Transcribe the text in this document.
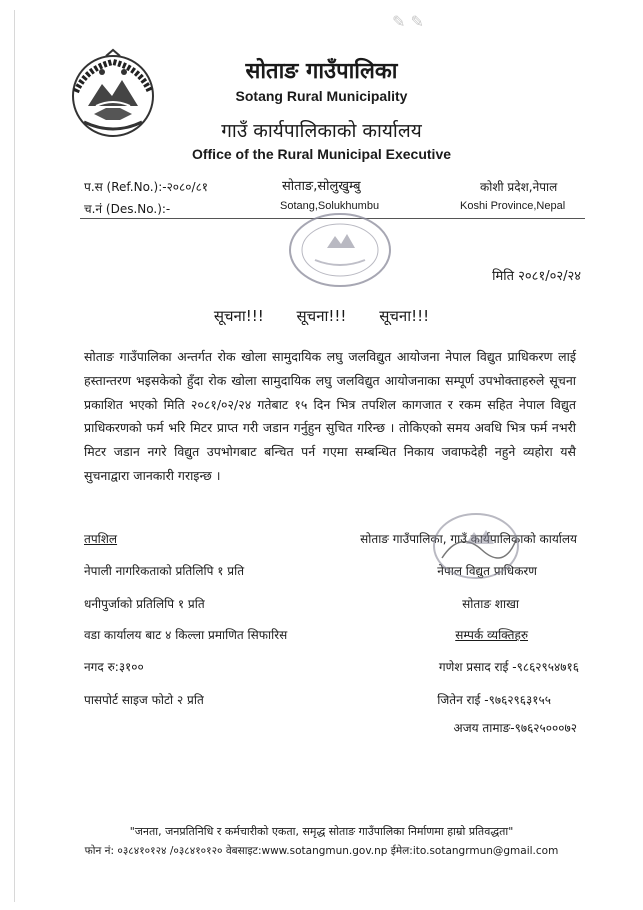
✎ ✎
सोताङ गाउँपालिका
Sotang Rural Municipality
गाउँ कार्यपालिकाको कार्यालय
Office of the Rural Municipal Executive
प.स (Ref.No.):-२०८०/८१
च.नं (Des.No.):-
सोताङ,सोलुखुम्बु
Sotang,Solukhumbu
कोशी प्रदेश,नेपाल
Koshi Province,Nepal
मिति २०८१/०२/२४
सूचना!!! सूचना!!! सूचना!!!
सोताङ गाउँपालिका अन्तर्गत रोक खोला सामुदायिक लघु जलविद्युत आयोजना नेपाल विद्युत प्राधिकरण लाई हस्तान्तरण भइसकेको हुँदा रोक खोला सामुदायिक लघु जलविद्युत आयोजनाका सम्पूर्ण उपभोक्ताहरुले सूचना प्रकाशित भएको मिति २०८१/०२/२४ गतेबाट १५ दिन भित्र तपशिल कागजात र रकम सहित नेपाल विद्युत प्राधिकरणको फर्म भरि मिटर प्राप्त गरी जडान गर्नुहुन सुचित गरिन्छ । तोकिएको समय अवधि भित्र फर्म नभरी मिटर जडान नगरे विद्युत उपभोगबाट बन्चित पर्न गएमा सम्बन्धित निकाय जवाफदेही नहुने व्यहोरा यसै सुचनाद्वारा जानकारी गराइन्छ ।
तपशिल
नेपाली नागरिकताको प्रतिलिपि १ प्रति
धनीपुर्जाको प्रतिलिपि १ प्रति
वडा कार्यालय बाट ४ किल्ला प्रमाणित सिफारिस
नगद रु:३१००
पासपोर्ट साइज फोटो २ प्रति
सोताङ गाउँपालिका, गाउँ कार्यपालिकाको कार्यालय
नेपाल विद्युत प्राधिकरण
सोताङ शाखा
सम्पर्क व्यक्तिहरु
गणेश प्रसाद राई -९८६२९५४७१६
जितेन राई -९७६२९६३१५५
अजय तामाङ-९७६२५०००७२
"जनता, जनप्रतिनिधि र कर्मचारीको एकता, समृद्ध सोताङ गाउँपालिका निर्माणमा हाम्रो प्रतिवद्धता"
फोन नं: ०३८४१०१२४ /०३८४१०१२० वेबसाइट:www.sotangmun.gov.np ईमेल:ito.sotangrmun@gmail.com
